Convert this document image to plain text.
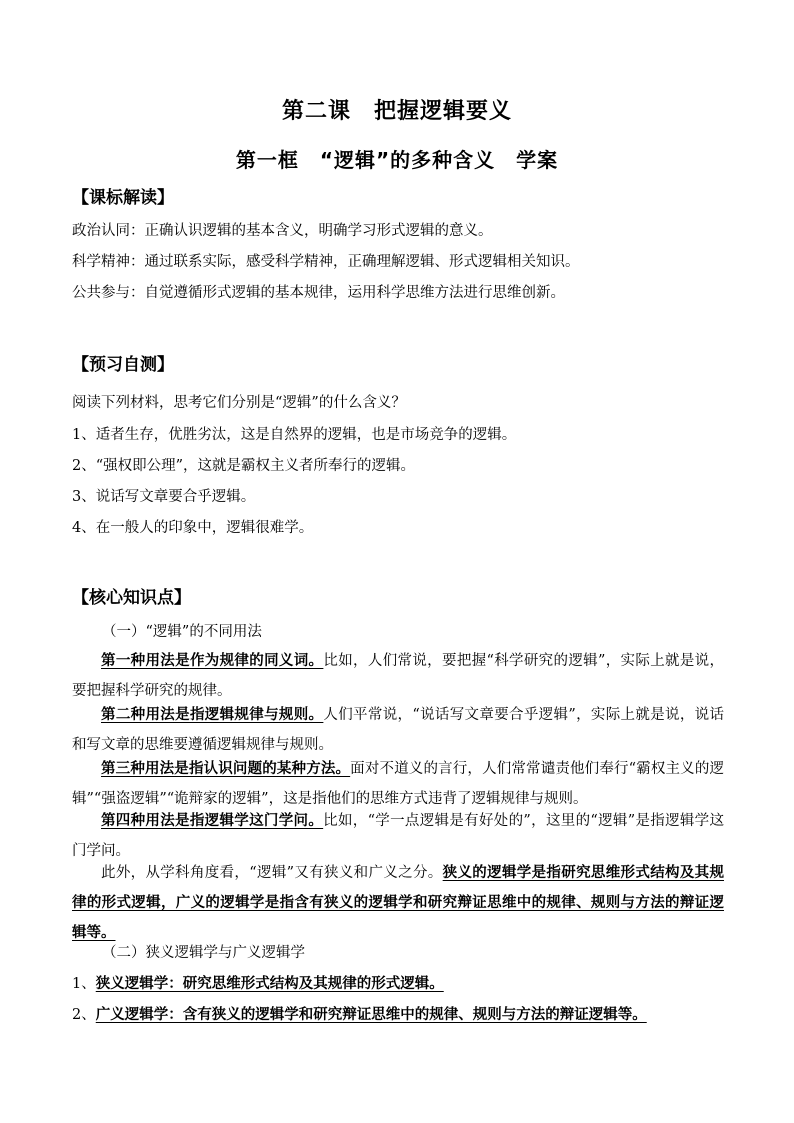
第二课　把握逻辑要义
第一框　“逻辑”的多种含义　学案
【课标解读】
政治认同：正确认识逻辑的基本含义，明确学习形式逻辑的意义。
科学精神：通过联系实际，感受科学精神，正确理解逻辑、形式逻辑相关知识。
公共参与：自觉遵循形式逻辑的基本规律，运用科学思维方法进行思维创新。
【预习自测】
阅读下列材料，思考它们分别是“逻辑”的什么含义？
1、适者生存，优胜劣汰，这是自然界的逻辑，也是市场竞争的逻辑。
2、“强权即公理”，这就是霸权主义者所奉行的逻辑。
3、说话写文章要合乎逻辑。
4、在一般人的印象中，逻辑很难学。
【核心知识点】
（一）“逻辑”的不同用法
第一种用法是作为规律的同义词。比如，人们常说，要把握“科学研究的逻辑”，实际上就是说，要把握科学研究的规律。
第二种用法是指逻辑规律与规则。人们平常说，“说话写文章要合乎逻辑”，实际上就是说，说话和写文章的思维要遵循逻辑规律与规则。
第三种用法是指认识问题的某种方法。面对不道义的言行，人们常常谴责他们奉行“霸权主义的逻辑”“强盗逻辑”“诡辩家的逻辑”，这是指他们的思维方式违背了逻辑规律与规则。
第四种用法是指逻辑学这门学问。比如，“学一点逻辑是有好处的”，这里的“逻辑”是指逻辑学这门学问。
此外，从学科角度看，“逻辑”又有狭义和广义之分。狭义的逻辑学是指研究思维形式结构及其规律的形式逻辑，广义的逻辑学是指含有狭义的逻辑学和研究辩证思维中的规律、规则与方法的辩证逻辑等。
（二）狭义逻辑学与广义逻辑学
1、狭义逻辑学：研究思维形式结构及其规律的形式逻辑。
2、广义逻辑学：含有狭义的逻辑学和研究辩证思维中的规律、规则与方法的辩证逻辑等。
